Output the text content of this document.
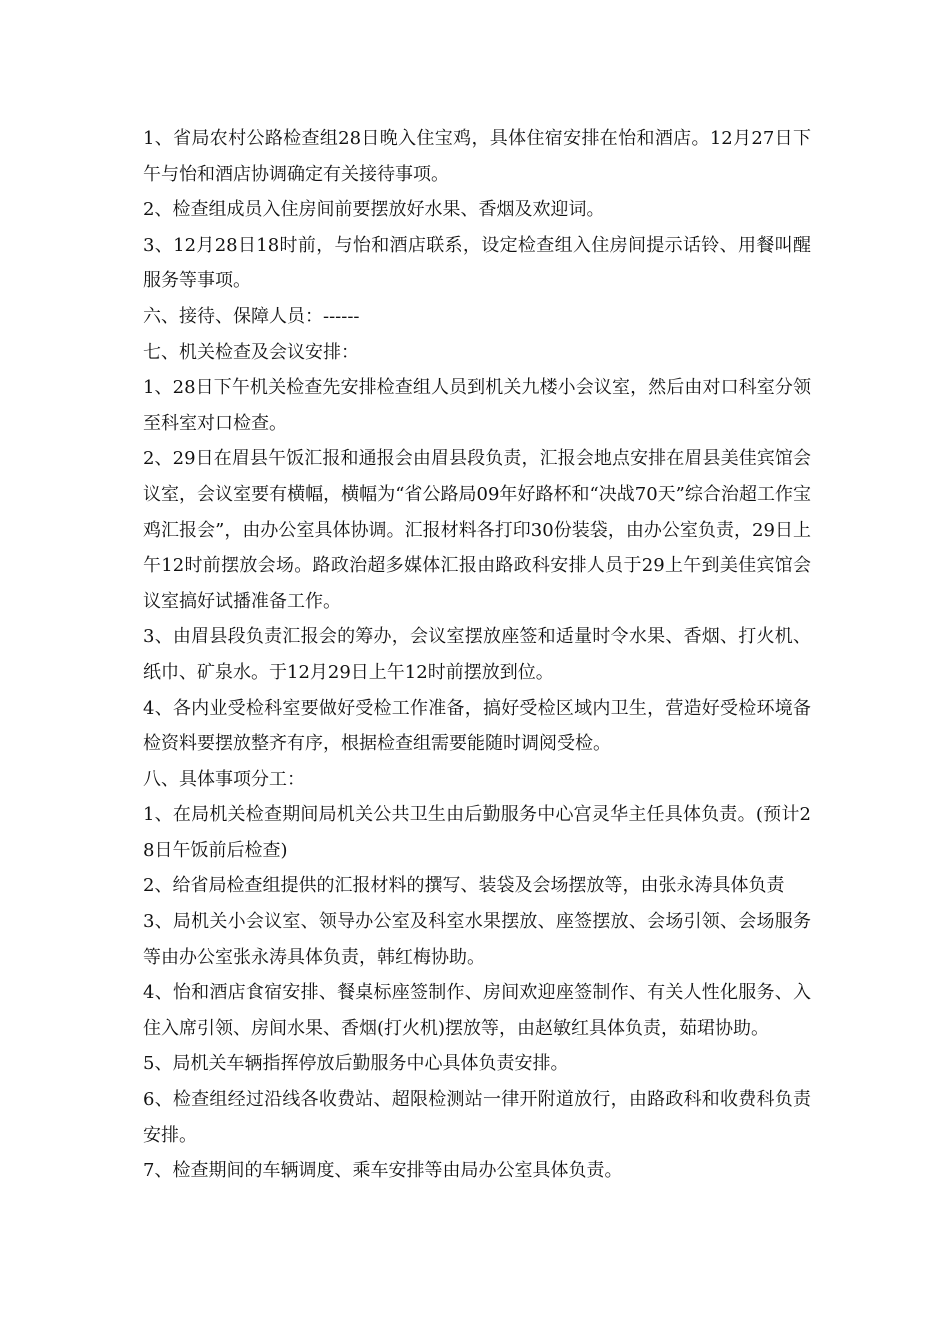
1、省局农村公路检查组28日晚入住宝鸡，具体住宿安排在怡和酒店。12月27日下午与怡和酒店协调确定有关接待事项。

2、检查组成员入住房间前要摆放好水果、香烟及欢迎词。

3、12月28日18时前，与怡和酒店联系，设定检查组入住房间提示话铃、用餐叫醒服务等事项。

六、接待、保障人员：------

七、机关检查及会议安排：

1、28日下午机关检查先安排检查组人员到机关九楼小会议室，然后由对口科室分领至科室对口检查。

2、29日在眉县午饭汇报和通报会由眉县段负责，汇报会地点安排在眉县美佳宾馆会议室，会议室要有横幅，横幅为“省公路局09年好路杯和“决战70天”综合治超工作宝鸡汇报会”，由办公室具体协调。汇报材料各打印30份装袋，由办公室负责，29日上午12时前摆放会场。路政治超多媒体汇报由路政科安排人员于29上午到美佳宾馆会议室搞好试播准备工作。

3、由眉县段负责汇报会的筹办，会议室摆放座签和适量时令水果、香烟、打火机、纸巾、矿泉水。于12月29日上午12时前摆放到位。

4、各内业受检科室要做好受检工作准备，搞好受检区域内卫生，营造好受检环境备检资料要摆放整齐有序，根据检查组需要能随时调阅受检。

八、具体事项分工：

1、在局机关检查期间局机关公共卫生由后勤服务中心宫灵华主任具体负责。(预计28日午饭前后检查)

2、给省局检查组提供的汇报材料的撰写、装袋及会场摆放等，由张永涛具体负责

3、局机关小会议室、领导办公室及科室水果摆放、座签摆放、会场引领、会场服务等由办公室张永涛具体负责，韩红梅协助。

4、怡和酒店食宿安排、餐桌标座签制作、房间欢迎座签制作、有关人性化服务、入住入席引领、房间水果、香烟(打火机)摆放等，由赵敏红具体负责，茹珺协助。

5、局机关车辆指挥停放后勤服务中心具体负责安排。

6、检查组经过沿线各收费站、超限检测站一律开附道放行，由路政科和收费科负责安排。

7、检查期间的车辆调度、乘车安排等由局办公室具体负责。
